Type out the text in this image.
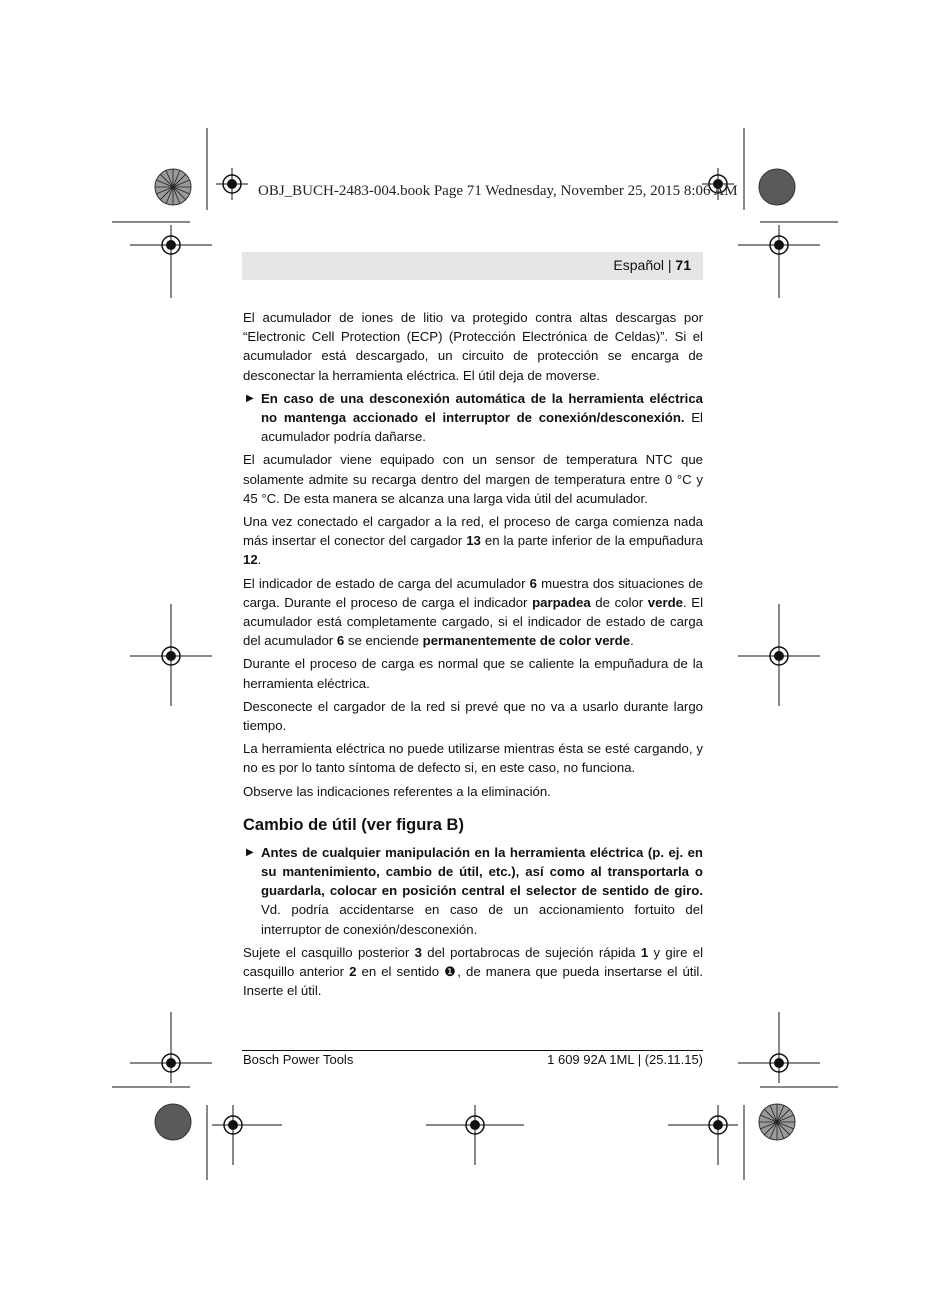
OBJ_BUCH-2483-004.book Page 71 Wednesday, November 25, 2015 8:06 AM
Español | 71

El acumulador de iones de litio va protegido contra altas descargas por “Electronic Cell Protection (ECP) (Protección Electrónica de Celdas)”. Si el acumulador está descargado, un circuito de protección se encarga de desconectar la herramienta eléctrica. El útil deja de moverse.

▶ En caso de una desconexión automática de la herramienta eléctrica no mantenga accionado el interruptor de conexión/desconexión. El acumulador podría dañarse.

El acumulador viene equipado con un sensor de temperatura NTC que solamente admite su recarga dentro del margen de temperatura entre 0 °C y 45 °C. De esta manera se alcanza una larga vida útil del acumulador.

Una vez conectado el cargador a la red, el proceso de carga comienza nada más insertar el conector del cargador 13 en la parte inferior de la empuñadura 12.

El indicador de estado de carga del acumulador 6 muestra dos situaciones de carga. Durante el proceso de carga el indicador parpadea de color verde. El acumulador está completamente cargado, si el indicador de estado de carga del acumulador 6 se enciende permanentemente de color verde.

Durante el proceso de carga es normal que se caliente la empuñadura de la herramienta eléctrica.

Desconecte el cargador de la red si prevé que no va a usarlo durante largo tiempo.

La herramienta eléctrica no puede utilizarse mientras ésta se esté cargando, y no es por lo tanto síntoma de defecto si, en este caso, no funciona.

Observe las indicaciones referentes a la eliminación.

Cambio de útil (ver figura B)

▶ Antes de cualquier manipulación en la herramienta eléctrica (p. ej. en su mantenimiento, cambio de útil, etc.), así como al transportarla o guardarla, colocar en posición central el selector de sentido de giro. Vd. podría accidentarse en caso de un accionamiento fortuito del interruptor de conexión/desconexión.

Sujete el casquillo posterior 3 del portabrocas de sujeción rápida 1 y gire el casquillo anterior 2 en el sentido ❶, de manera que pueda insertarse el útil. Inserte el útil.

Bosch Power Tools	1 609 92A 1ML | (25.11.15)
